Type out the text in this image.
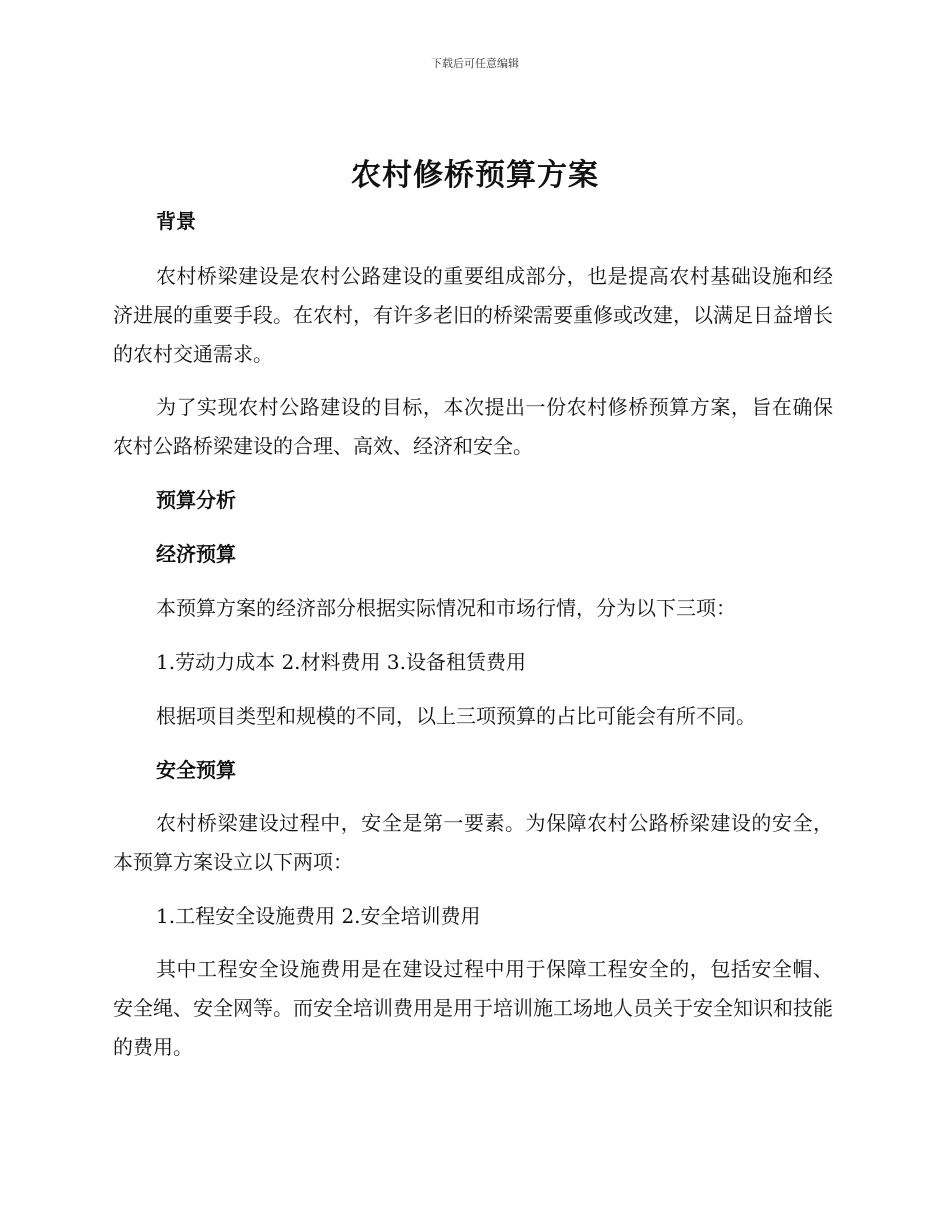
下载后可任意编辑
农村修桥预算方案

背景

农村桥梁建设是农村公路建设的重要组成部分，也是提高农村基础设施和经济进展的重要手段。在农村，有许多老旧的桥梁需要重修或改建，以满足日益增长的农村交通需求。

为了实现农村公路建设的目标，本次提出一份农村修桥预算方案，旨在确保农村公路桥梁建设的合理、高效、经济和安全。

预算分析

经济预算

本预算方案的经济部分根据实际情况和市场行情，分为以下三项：

1.劳动力成本 2.材料费用 3.设备租赁费用

根据项目类型和规模的不同，以上三项预算的占比可能会有所不同。

安全预算

农村桥梁建设过程中，安全是第一要素。为保障农村公路桥梁建设的安全，本预算方案设立以下两项：

1.工程安全设施费用 2.安全培训费用

其中工程安全设施费用是在建设过程中用于保障工程安全的，包括安全帽、安全绳、安全网等。而安全培训费用是用于培训施工场地人员关于安全知识和技能的费用。
